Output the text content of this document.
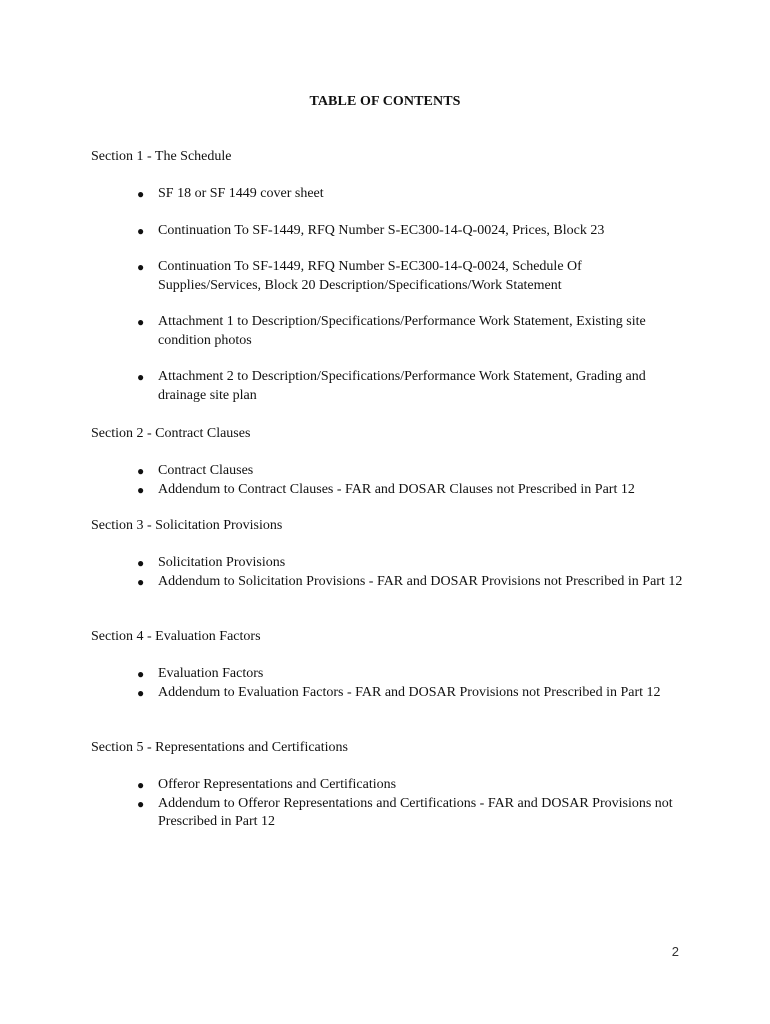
TABLE OF CONTENTS

Section 1 - The Schedule

● SF 18 or SF 1449 cover sheet
● Continuation To SF-1449, RFQ Number S-EC300-14-Q-0024, Prices, Block 23
● Continuation To SF-1449, RFQ Number S-EC300-14-Q-0024, Schedule Of Supplies/Services, Block 20 Description/Specifications/Work Statement
● Attachment 1 to Description/Specifications/Performance Work Statement, Existing site condition photos
● Attachment 2 to Description/Specifications/Performance Work Statement, Grading and drainage site plan

Section 2 - Contract Clauses

● Contract Clauses
● Addendum to Contract Clauses - FAR and DOSAR Clauses not Prescribed in Part 12

Section 3 - Solicitation Provisions

● Solicitation Provisions
● Addendum to Solicitation Provisions - FAR and DOSAR Provisions not Prescribed in Part 12

Section 4 - Evaluation Factors

● Evaluation Factors
● Addendum to Evaluation Factors - FAR and DOSAR Provisions not Prescribed in Part 12

Section 5 - Representations and Certifications

● Offeror Representations and Certifications
● Addendum to Offeror Representations and Certifications - FAR and DOSAR Provisions not Prescribed in Part 12
2
